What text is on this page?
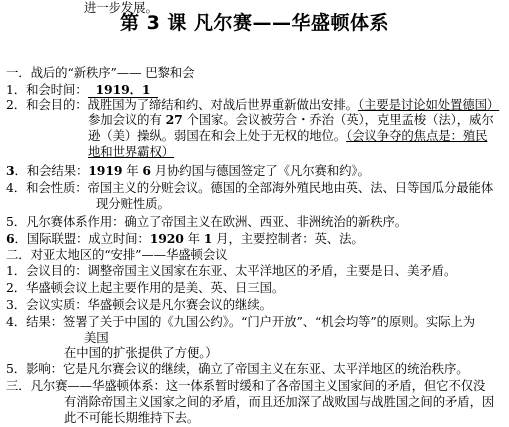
进一步发展。
第 3 课 凡尔赛——华盛顿体系
一．战后的“新秩序”—— 巴黎和会
1．和会时间： 1919．1
2．和会目的：战胜国为了缔结和约、对战后世界重新做出安排。（主要是讨论如处置德国）
参加会议的有 27 个国家。会议被劳合・乔治（英），克里孟梭（法），威尔
逊（美）操纵。弱国在和会上处于无权的地位。（会议争夺的焦点是：殖民
地和世界霸权）
3．和会结果：1919 年 6 月协约国与德国签定了《凡尔赛和约》。
4．和会性质：帝国主义的分赃会议。德国的全部海外殖民地由英、法、日等国瓜分最能体
现分赃性质。
5．凡尔赛体系作用：确立了帝国主义在欧洲、西亚、非洲统治的新秩序。
6．国际联盟：成立时间：1920 年 1 月，主要控制者：英、法。
二．对亚太地区的“安排”——华盛顿会议
1．会议目的：调整帝国主义国家在东亚、太平洋地区的矛盾，主要是日、美矛盾。
2．华盛顿会议上起主要作用的是美、英、日三国。
3．会议实质：华盛顿会议是凡尔赛会议的继续。
4．结果：签署了关于中国的《九国公约》。“门户开放”、“机会均等”的原则。实际上为
美国
在中国的扩张提供了方便。）
5．影响：它是凡尔赛会议的继续，确立了帝国主义在东亚、太平洋地区的统治秩序。
三．凡尔赛——华盛顿体系：这一体系暂时缓和了各帝国主义国家间的矛盾，但它不仅没
有消除帝国主义国家之间的矛盾，而且还加深了战败国与战胜国之间的矛盾，因
此不可能长期维持下去。
